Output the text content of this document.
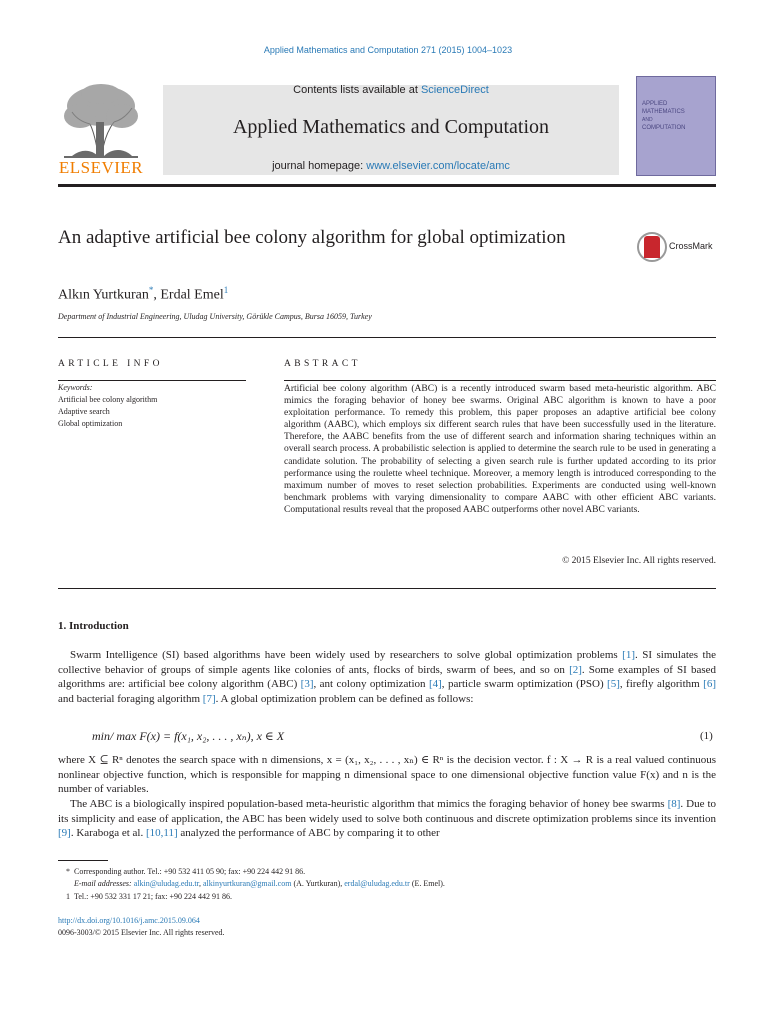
Applied Mathematics and Computation 271 (2015) 1004–1023
ELSEVIER
Contents lists available at ScienceDirect
Applied Mathematics and Computation
journal homepage: www.elsevier.com/locate/amc
APPLIED
MATHEMATICS
AND
COMPUTATION
An adaptive artificial bee colony algorithm for global optimization	CrossMark
Alkın Yurtkuran*, Erdal Emel$^1$
Department of Industrial Engineering, Uludag University, Görükle Campus, Bursa 16059, Turkey
ARTICLE INFO
Keywords:
Artificial bee colony algorithm
Adaptive search
Global optimization
ABSTRACT
Artificial bee colony algorithm (ABC) is a recently introduced swarm based meta-heuristic algorithm. ABC mimics the foraging behavior of honey bee swarms. Original ABC algorithm is known to have a poor exploitation performance. To remedy this problem, this paper proposes an adaptive artificial bee colony algorithm (AABC), which employs six different search rules that have been successfully used in the literature. Therefore, the AABC benefits from the use of different search and information sharing techniques within an overall search process. A probabilistic selection is applied to determine the search rule to be used in generating a candidate solution. The probability of selecting a given search rule is further updated according to its prior performance using the roulette wheel technique. Moreover, a memory length is introduced corresponding to the maximum number of moves to reset selection probabilities. Experiments are conducted using well-known benchmark problems with varying dimensionality to compare AABC with other efficient ABC variants. Computational results reveal that the proposed AABC outperforms other novel ABC variants.
© 2015 Elsevier Inc. All rights reserved.
1. Introduction
Swarm Intelligence (SI) based algorithms have been widely used by researchers to solve global optimization problems [1]. SI simulates the collective behavior of groups of simple agents like colonies of ants, flocks of birds, swarm of bees, and so on [2]. Some examples of SI based algorithms are: artificial bee colony algorithm (ABC) [3], ant colony optimization [4], particle swarm optimization (PSO) [5], firefly algorithm [6] and bacterial foraging algorithm [7]. A global optimization problem can be defined as follows:
min/ max F(x) = f(x₁, x₂, . . . , xₙ), x ∈ X	(1)
where X ⊆ Rⁿ denotes the search space with n dimensions, x = (x₁, x₂, . . . , xₙ) ∈ Rⁿ is the decision vector. f : X → R is a real valued continuous nonlinear objective function, which is responsible for mapping n dimensional space to one dimensional objective function value F(x) and n is the number of variables.
The ABC is a biologically inspired population-based meta-heuristic algorithm that mimics the foraging behavior of honey bee swarms [8]. Due to its simplicity and ease of application, the ABC has been widely used to solve both continuous and discrete optimization problems since its invention [9]. Karaboga et al. [10,11] analyzed the performance of ABC by comparing it to other
* Corresponding author. Tel.: +90 532 411 05 90; fax: +90 224 442 91 86.
E-mail addresses: alkin@uludag.edu.tr, alkinyurtkuran@gmail.com (A. Yurtkuran), erdal@uludag.edu.tr (E. Emel).
1 Tel.: +90 532 331 17 21; fax: +90 224 442 91 86.
http://dx.doi.org/10.1016/j.amc.2015.09.064
0096-3003/© 2015 Elsevier Inc. All rights reserved.
